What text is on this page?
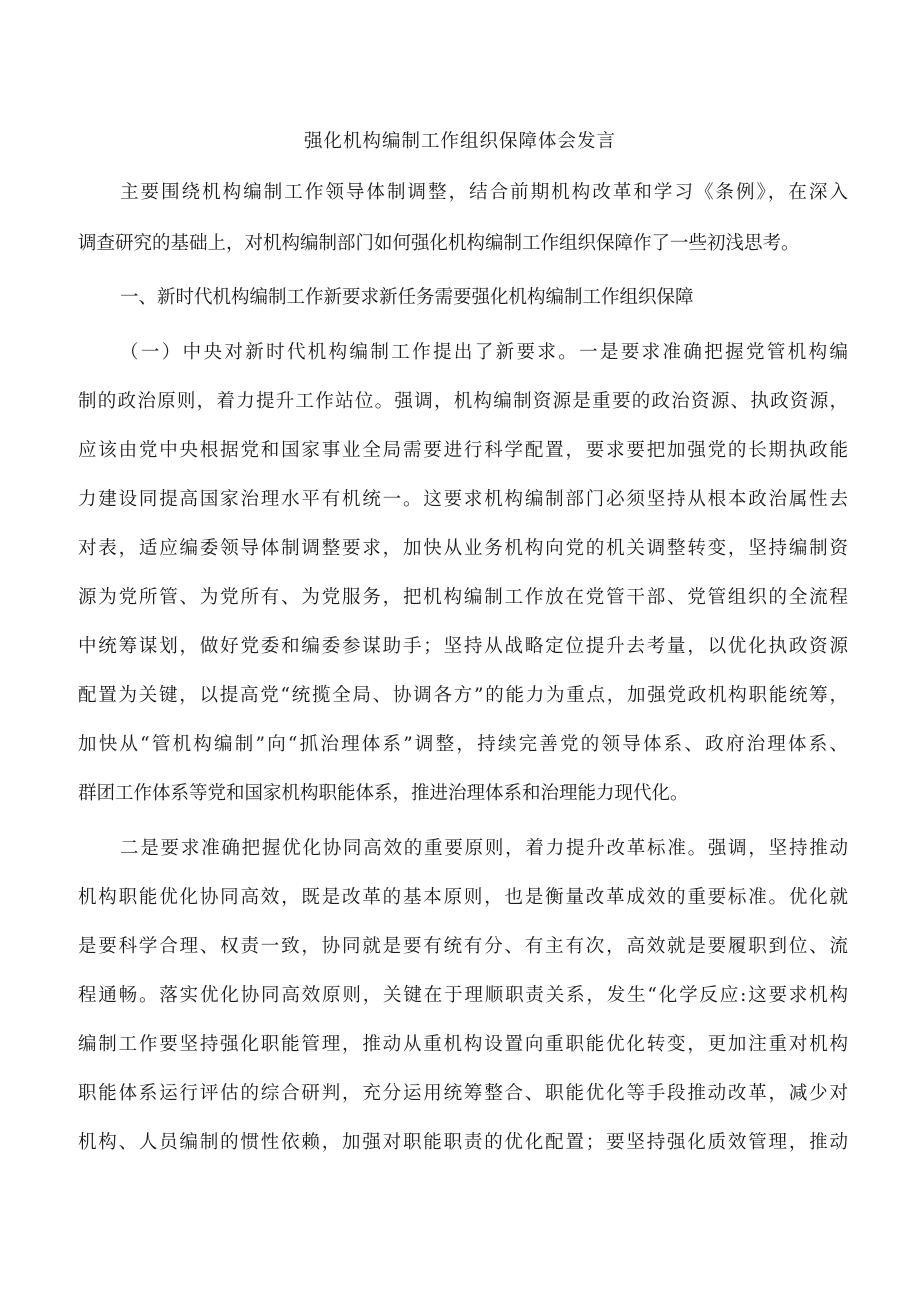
强化机构编制工作组织保障体会发言
主要围绕机构编制工作领导体制调整，结合前期机构改革和学习《条例》，在深入
调查研究的基础上，对机构编制部门如何强化机构编制工作组织保障作了一些初浅思考。
一、新时代机构编制工作新要求新任务需要强化机构编制工作组织保障
（一）中央对新时代机构编制工作提出了新要求。一是要求准确把握党管机构编
制的政治原则，着力提升工作站位。强调，机构编制资源是重要的政治资源、执政资源，
应该由党中央根据党和国家事业全局需要进行科学配置，要求要把加强党的长期执政能
力建设同提高国家治理水平有机统一。这要求机构编制部门必须坚持从根本政治属性去
对表，适应编委领导体制调整要求，加快从业务机构向党的机关调整转变，坚持编制资
源为党所管、为党所有、为党服务，把机构编制工作放在党管干部、党管组织的全流程
中统筹谋划，做好党委和编委参谋助手；坚持从战略定位提升去考量，以优化执政资源
配置为关键，以提高党“统揽全局、协调各方”的能力为重点，加强党政机构职能统筹，
加快从“管机构编制”向“抓治理体系”调整，持续完善党的领导体系、政府治理体系、
群团工作体系等党和国家机构职能体系，推进治理体系和治理能力现代化。
二是要求准确把握优化协同高效的重要原则，着力提升改革标准。强调，坚持推动
机构职能优化协同高效，既是改革的基本原则，也是衡量改革成效的重要标准。优化就
是要科学合理、权责一致，协同就是要有统有分、有主有次，高效就是要履职到位、流
程通畅。落实优化协同高效原则，关键在于理顺职责关系，发生“化学反应:这要求机构
编制工作要坚持强化职能管理，推动从重机构设置向重职能优化转变，更加注重对机构
职能体系运行评估的综合研判，充分运用统筹整合、职能优化等手段推动改革，减少对
机构、人员编制的惯性依赖，加强对职能职责的优化配置；要坚持强化质效管理，推动
